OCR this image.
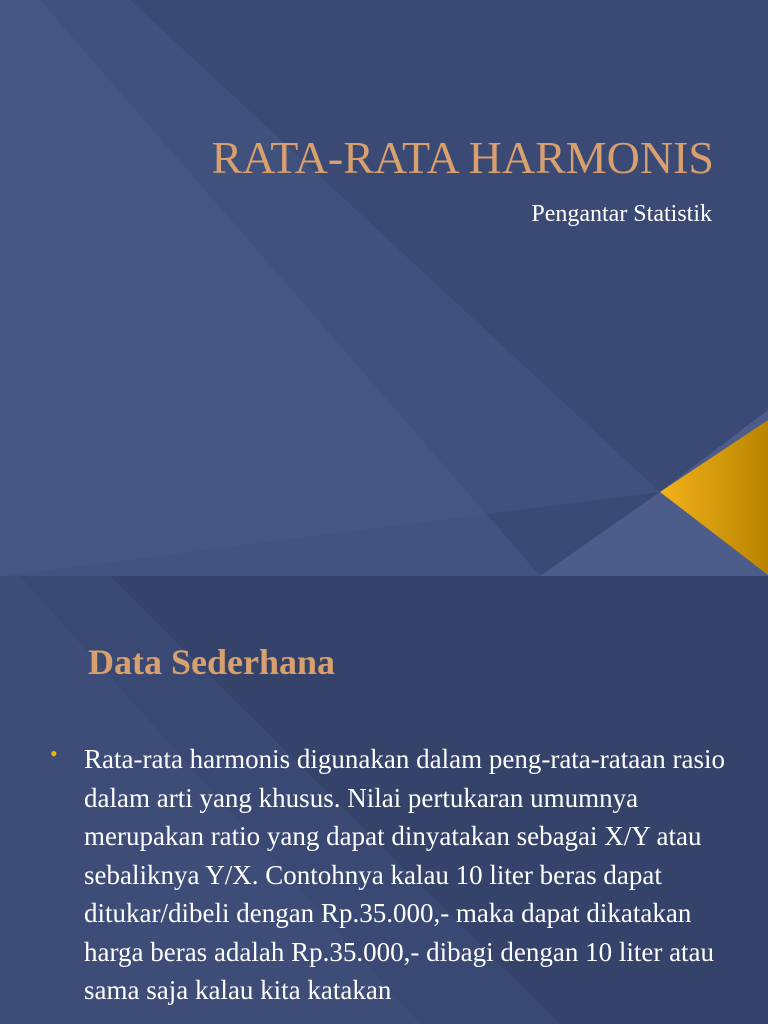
RATA-RATA HARMONIS
Pengantar Statistik
Data Sederhana
• Rata-rata harmonis digunakan dalam peng-rata-rataan rasio dalam arti yang khusus. Nilai pertukaran umumnya merupakan ratio yang dapat dinyatakan sebagai X/Y atau sebaliknya Y/X. Contohnya kalau 10 liter beras dapat ditukar/dibeli dengan Rp.35.000,- maka dapat dikatakan harga beras adalah Rp.35.000,- dibagi dengan 10 liter atau sama saja kalau kita katakan
